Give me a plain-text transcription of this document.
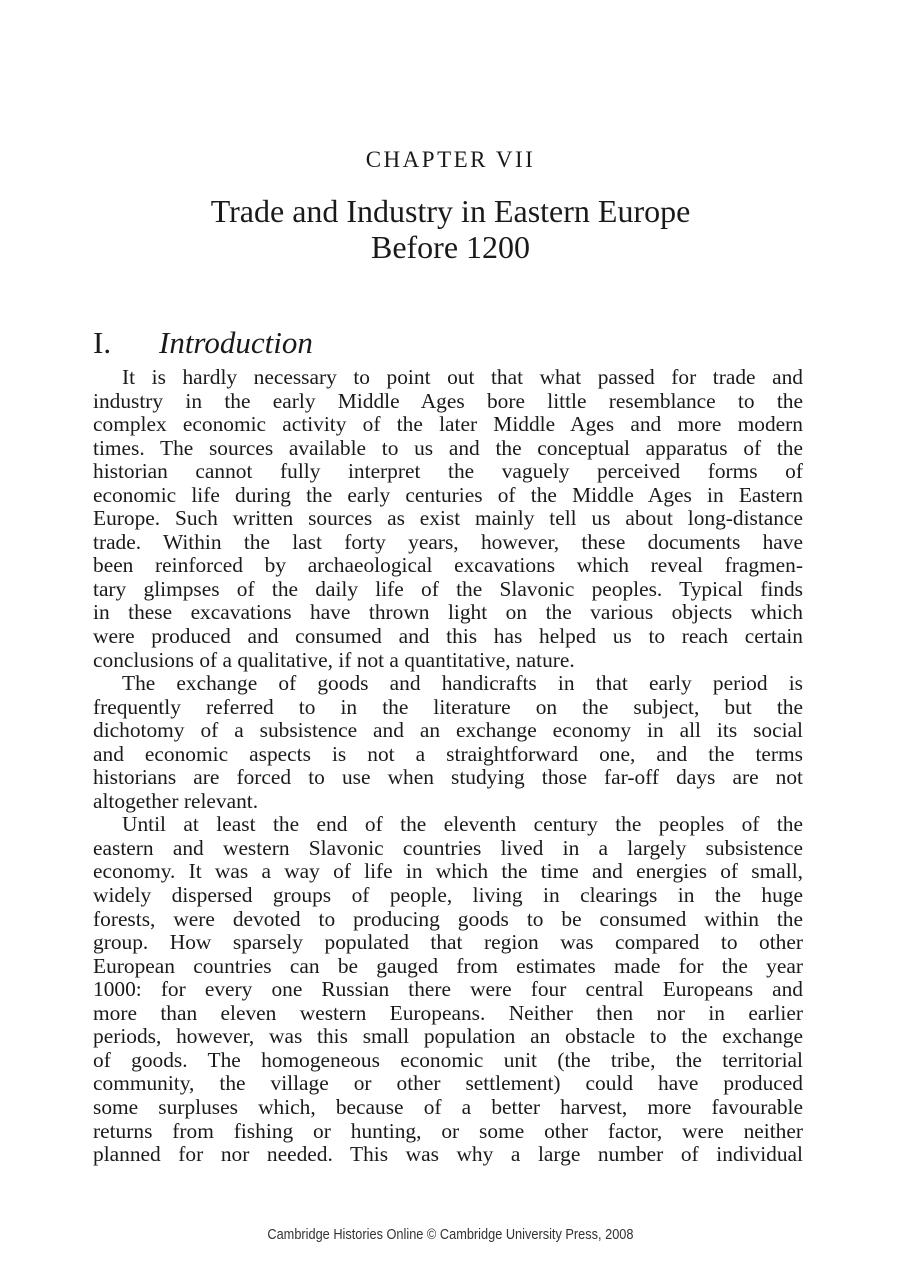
CHAPTER VII
Trade and Industry in Eastern Europe
Before 1200
I. Introduction
It is hardly necessary to point out that what passed for trade and
industry in the early Middle Ages bore little resemblance to the
complex economic activity of the later Middle Ages and more modern
times. The sources available to us and the conceptual apparatus of the
historian cannot fully interpret the vaguely perceived forms of
economic life during the early centuries of the Middle Ages in Eastern
Europe. Such written sources as exist mainly tell us about long-distance
trade. Within the last forty years, however, these documents have
been reinforced by archaeological excavations which reveal fragmen-
tary glimpses of the daily life of the Slavonic peoples. Typical finds
in these excavations have thrown light on the various objects which
were produced and consumed and this has helped us to reach certain
conclusions of a qualitative, if not a quantitative, nature.
The exchange of goods and handicrafts in that early period is
frequently referred to in the literature on the subject, but the
dichotomy of a subsistence and an exchange economy in all its social
and economic aspects is not a straightforward one, and the terms
historians are forced to use when studying those far-off days are not
altogether relevant.
Until at least the end of the eleventh century the peoples of the
eastern and western Slavonic countries lived in a largely subsistence
economy. It was a way of life in which the time and energies of small,
widely dispersed groups of people, living in clearings in the huge
forests, were devoted to producing goods to be consumed within the
group. How sparsely populated that region was compared to other
European countries can be gauged from estimates made for the year
1000: for every one Russian there were four central Europeans and
more than eleven western Europeans. Neither then nor in earlier
periods, however, was this small population an obstacle to the exchange
of goods. The homogeneous economic unit (the tribe, the territorial
community, the village or other settlement) could have produced
some surpluses which, because of a better harvest, more favourable
returns from fishing or hunting, or some other factor, were neither
planned for nor needed. This was why a large number of individual
Cambridge Histories Online © Cambridge University Press, 2008
